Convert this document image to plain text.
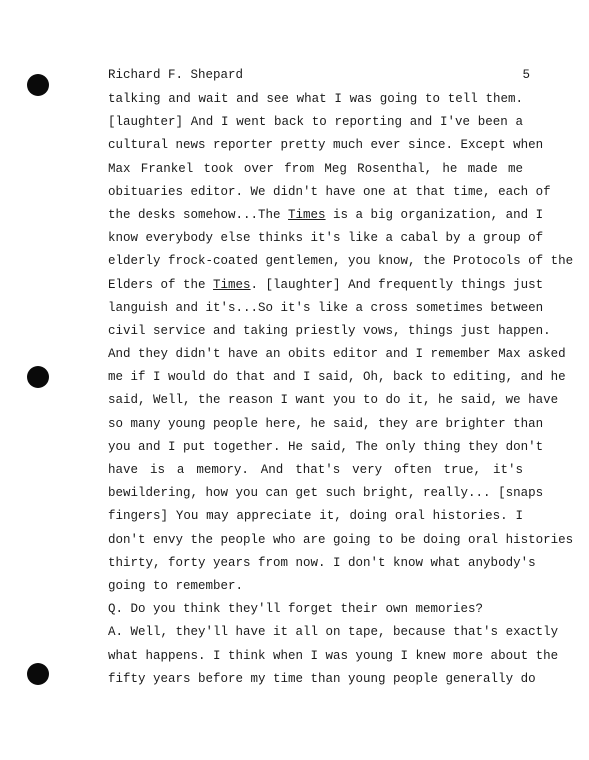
Richard F. Shepard	5
talking and wait and see what I was going to tell them.
[laughter] And I went back to reporting and I've been a
cultural news reporter pretty much ever since. Except when
Max Frankel took over from Meg Rosenthal, he made me
obituaries editor. We didn't have one at that time, each of
the desks somehow...The Times is a big organization, and I
know everybody else thinks it's like a cabal by a group of
elderly frock-coated gentlemen, you know, the Protocols of the
Elders of the Times. [laughter] And frequently things just
languish and it's...So it's like a cross sometimes between
civil service and taking priestly vows, things just happen.
And they didn't have an obits editor and I remember Max asked
me if I would do that and I said, Oh, back to editing, and he
said, Well, the reason I want you to do it, he said, we have
so many young people here, he said, they are brighter than
you and I put together. He said, The only thing they don't
have is a memory. And that's very often true, it's
bewildering, how you can get such bright, really... [snaps
fingers] You may appreciate it, doing oral histories. I
don't envy the people who are going to be doing oral histories
thirty, forty years from now. I don't know what anybody's
going to remember.
Q. Do you think they'll forget their own memories?
A. Well, they'll have it all on tape, because that's exactly
what happens. I think when I was young I knew more about the
fifty years before my time than young people generally do
